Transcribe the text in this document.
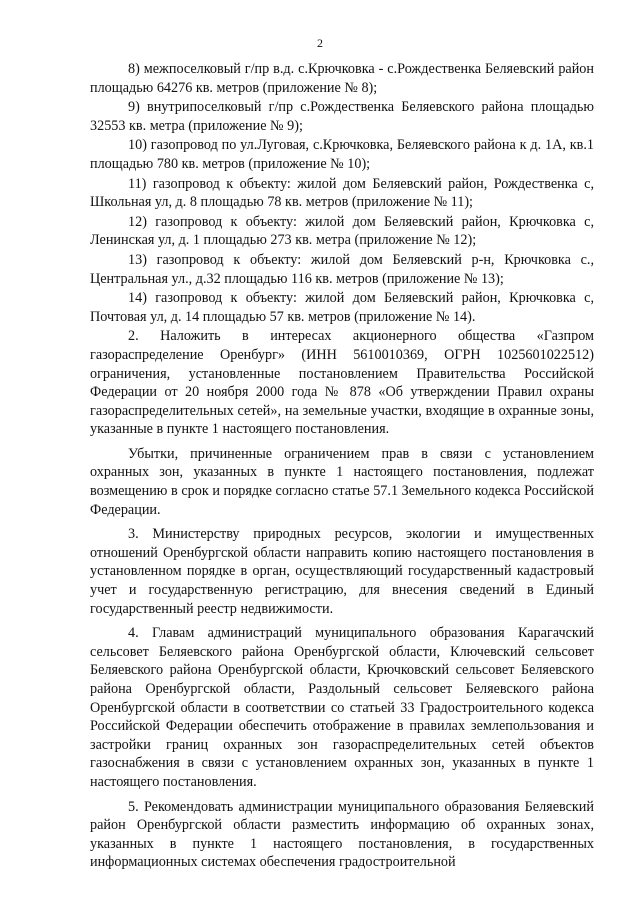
2

8) межпоселковый г/пр в.д. с.Крючковка - с.Рождественка Беляевский район площадью 64276 кв. метров (приложение № 8);

9) внутрипоселковый г/пр с.Рождественка Беляевского района площадью 32553 кв. метра (приложение № 9);

10) газопровод по ул.Луговая, с.Крючковка, Беляевского района к д. 1А, кв.1 площадью 780 кв. метров (приложение № 10);

11) газопровод к объекту: жилой дом Беляевский район, Рождественка с, Школьная ул, д. 8 площадью 78 кв. метров (приложение № 11);

12) газопровод к объекту: жилой дом Беляевский район, Крючковка с, Ленинская ул, д. 1 площадью 273 кв. метра (приложение № 12);

13) газопровод к объекту: жилой дом Беляевский р-н, Крючковка с., Центральная ул., д.32 площадью 116 кв. метров (приложение № 13);

14) газопровод к объекту: жилой дом Беляевский район, Крючковка с, Почтовая ул, д. 14 площадью 57 кв. метров (приложение № 14).

2. Наложить в интересах акционерного общества «Газпром газораспределение Оренбург» (ИНН 5610010369, ОГРН 1025601022512) ограничения, установленные постановлением Правительства Российской Федерации от 20 ноября 2000 года № 878 «Об утверждении Правил охраны газораспределительных сетей», на земельные участки, входящие в охранные зоны, указанные в пункте 1 настоящего постановления.

Убытки, причиненные ограничением прав в связи с установлением охранных зон, указанных в пункте 1 настоящего постановления, подлежат возмещению в срок и порядке согласно статье 57.1 Земельного кодекса Российской Федерации.

3. Министерству природных ресурсов, экологии и имущественных отношений Оренбургской области направить копию настоящего постановления в установленном порядке в орган, осуществляющий государственный кадастровый учет и государственную регистрацию, для внесения сведений в Единый государственный реестр недвижимости.

4. Главам администраций муниципального образования Карагачский сельсовет Беляевского района Оренбургской области, Ключевский сельсовет Беляевского района Оренбургской области, Крючковский сельсовет Беляевского района Оренбургской области, Раздольный сельсовет Беляевского района Оренбургской области в соответствии со статьей 33 Градостроительного кодекса Российской Федерации обеспечить отображение в правилах землепользования и застройки границ охранных зон газораспределительных сетей объектов газоснабжения в связи с установлением охранных зон, указанных в пункте 1 настоящего постановления.

5. Рекомендовать администрации муниципального образования Беляевский район Оренбургской области разместить информацию об охранных зонах, указанных в пункте 1 настоящего постановления, в государственных информационных системах обеспечения градостроительной
